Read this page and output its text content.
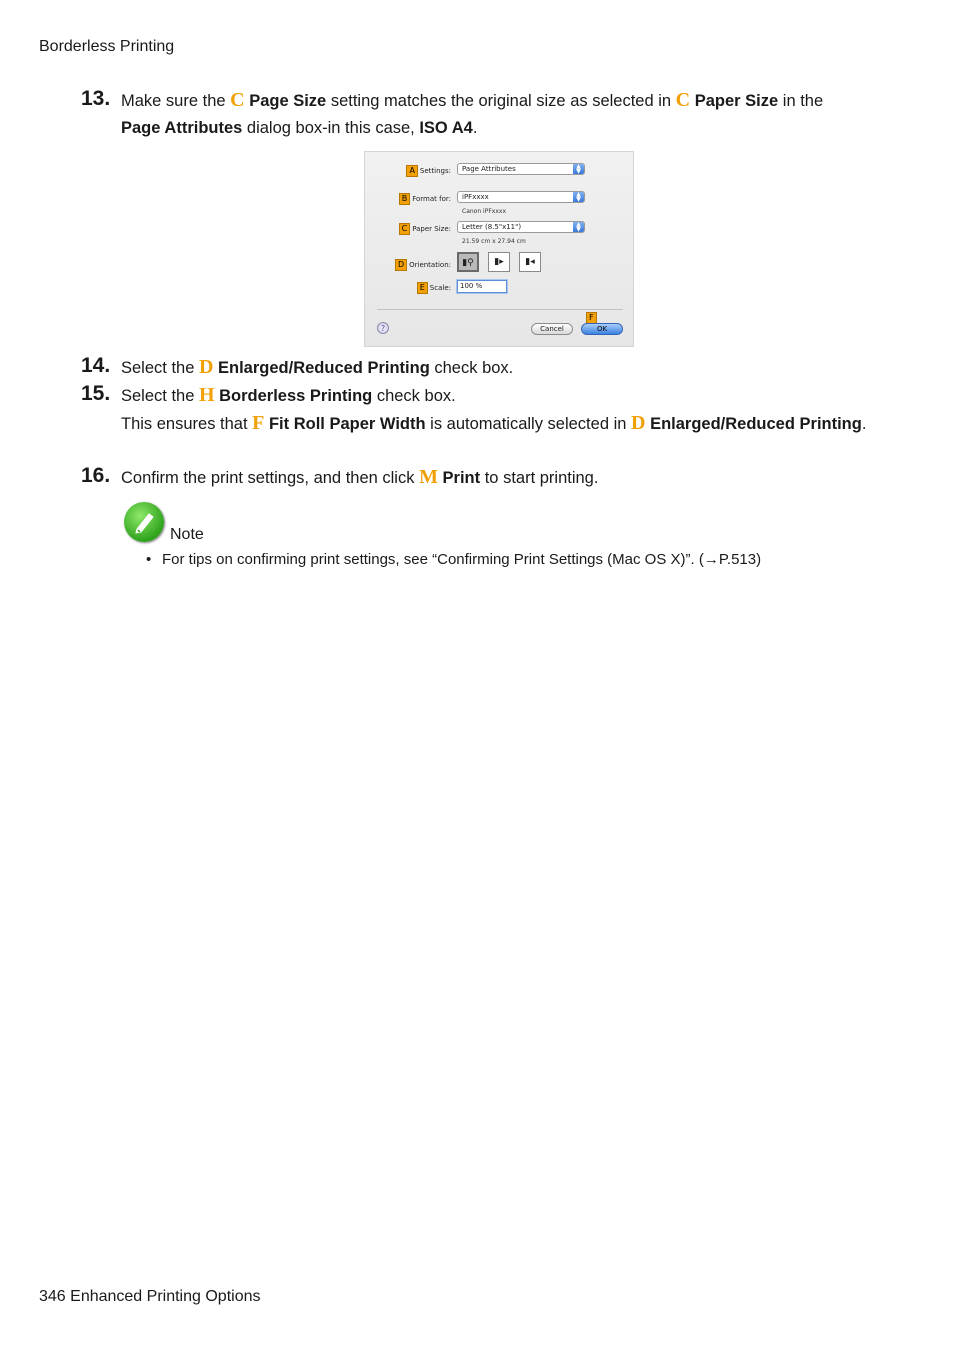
Borderless Printing
13. Make sure the C Page Size setting matches the original size as selected in C Paper Size in the
Page Attributes dialog box-in this case, ISO A4.
A Settings:	Page Attributes	▲
▼
B Format for:	iPFxxxx	▲
▼
Canon iPFxxxx
C Paper Size:	Letter (8.5"x11")	▲
▼
21.59 cm x 27.94 cm
D Orientation:	▮⚲	▮▸	▮◂
E Scale:	100 %
F
?	Cancel	OK
14. Select the D Enlarged/Reduced Printing check box.
15. Select the H Borderless Printing check box.
This ensures that F Fit Roll Paper Width is automatically selected in D Enlarged/Reduced Printing.
16. Confirm the print settings, and then click M Print to start printing.
Note
• For tips on confirming print settings, see “Confirming Print Settings (Mac OS X)”. (→P.513)
346 Enhanced Printing Options
